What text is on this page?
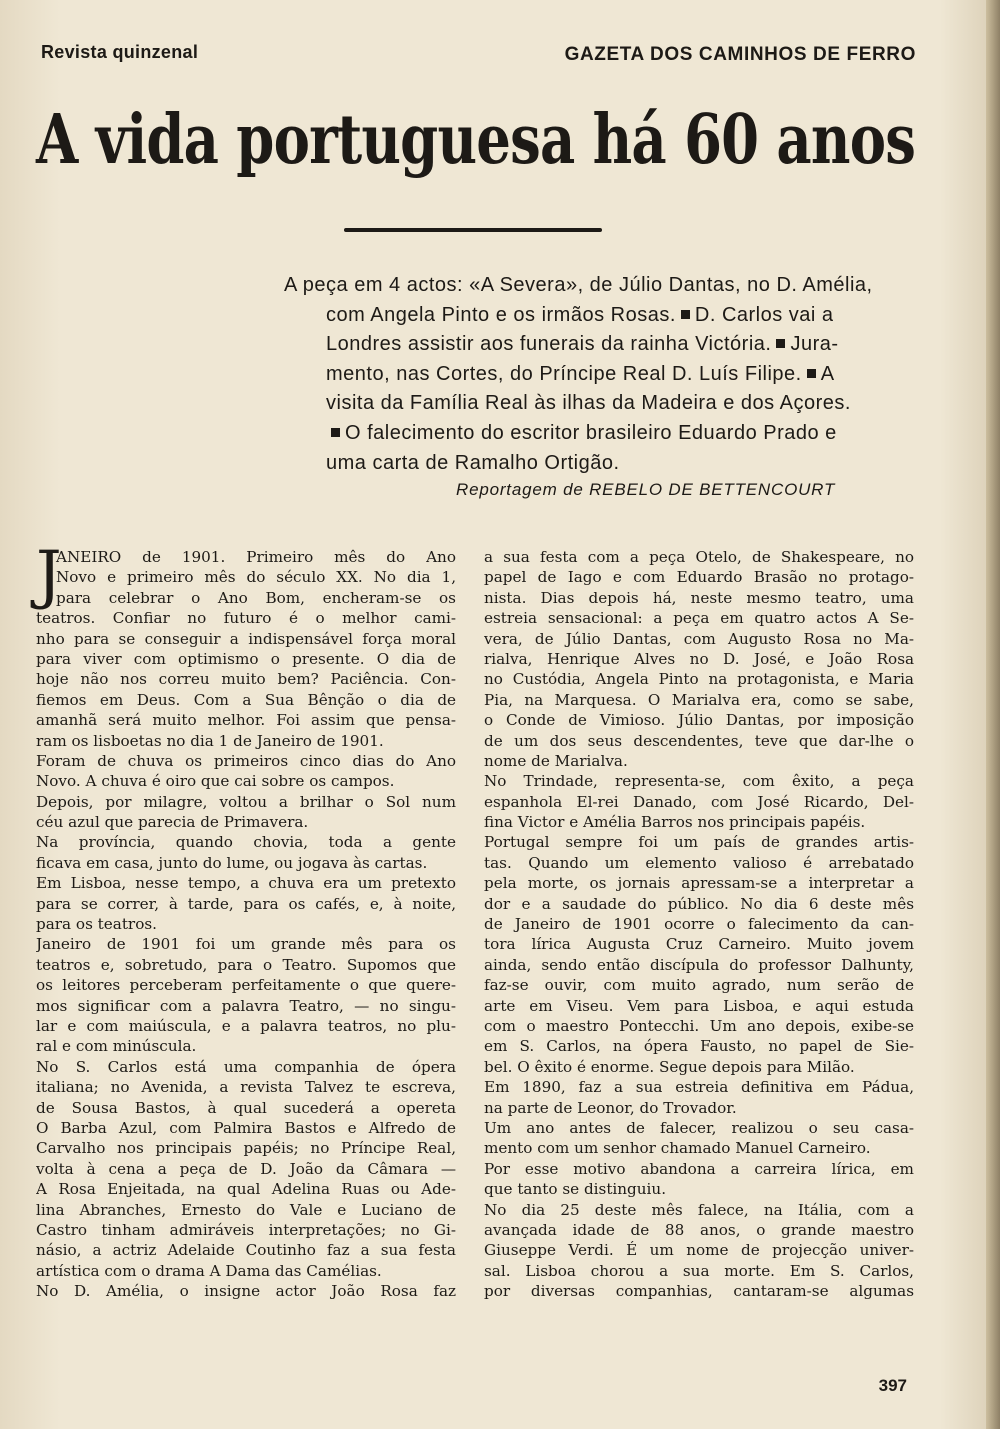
Revista quinzenal	GAZETA DOS CAMINHOS DE FERRO
A vida portuguesa há 60 anos
A peça em 4 actos: «A Severa», de Júlio Dantas, no D. Amélia,
com Angela Pinto e os irmãos Rosas. D. Carlos vai a
Londres assistir aos funerais da rainha Victória. Jura-
mento, nas Cortes, do Príncipe Real D. Luís Filipe. A
visita da Família Real às ilhas da Madeira e dos Açores.
O falecimento do escritor brasileiro Eduardo Prado e
uma carta de Ramalho Ortigão.
Reportagem de REBELO DE BETTENCOURT
J
ANEIRO de 1901. Primeiro mês do Ano
Novo e primeiro mês do século XX. No dia 1,
para celebrar o Ano Bom, encheram-se os
teatros. Confiar no futuro é o melhor cami-
nho para se conseguir a indispensável força moral
para viver com optimismo o presente. O dia de
hoje não nos correu muito bem? Paciência. Con-
fiemos em Deus. Com a Sua Bênção o dia de
amanhã será muito melhor. Foi assim que pensa-
ram os lisboetas no dia 1 de Janeiro de 1901.
Foram de chuva os primeiros cinco dias do Ano
Novo. A chuva é oiro que cai sobre os campos.
Depois, por milagre, voltou a brilhar o Sol num
céu azul que parecia de Primavera.
Na província, quando chovia, toda a gente
ficava em casa, junto do lume, ou jogava às cartas.
Em Lisboa, nesse tempo, a chuva era um pretexto
para se correr, à tarde, para os cafés, e, à noite,
para os teatros.
Janeiro de 1901 foi um grande mês para os
teatros e, sobretudo, para o Teatro. Supomos que
os leitores perceberam perfeitamente o que quere-
mos significar com a palavra Teatro, — no singu-
lar e com maiúscula, e a palavra teatros, no plu-
ral e com minúscula.
No S. Carlos está uma companhia de ópera
italiana; no Avenida, a revista Talvez te escreva,
de Sousa Bastos, à qual sucederá a opereta
O Barba Azul, com Palmira Bastos e Alfredo de
Carvalho nos principais papéis; no Príncipe Real,
volta à cena a peça de D. João da Câmara —
A Rosa Enjeitada, na qual Adelina Ruas ou Ade-
lina Abranches, Ernesto do Vale e Luciano de
Castro tinham admiráveis interpretações; no Gi-
násio, a actriz Adelaide Coutinho faz a sua festa
artística com o drama A Dama das Camélias.
No D. Amélia, o insigne actor João Rosa faz
a sua festa com a peça Otelo, de Shakespeare, no
papel de Iago e com Eduardo Brasão no protago-
nista. Dias depois há, neste mesmo teatro, uma
estreia sensacional: a peça em quatro actos A Se-
vera, de Júlio Dantas, com Augusto Rosa no Ma-
rialva, Henrique Alves no D. José, e João Rosa
no Custódia, Angela Pinto na protagonista, e Maria
Pia, na Marquesa. O Marialva era, como se sabe,
o Conde de Vimioso. Júlio Dantas, por imposição
de um dos seus descendentes, teve que dar-lhe o
nome de Marialva.
No Trindade, representa-se, com êxito, a peça
espanhola El-rei Danado, com José Ricardo, Del-
fina Victor e Amélia Barros nos principais papéis.
Portugal sempre foi um país de grandes artis-
tas. Quando um elemento valioso é arrebatado
pela morte, os jornais apressam-se a interpretar a
dor e a saudade do público. No dia 6 deste mês
de Janeiro de 1901 ocorre o falecimento da can-
tora lírica Augusta Cruz Carneiro. Muito jovem
ainda, sendo então discípula do professor Dalhunty,
faz-se ouvir, com muito agrado, num serão de
arte em Viseu. Vem para Lisboa, e aqui estuda
com o maestro Pontecchi. Um ano depois, exibe-se
em S. Carlos, na ópera Fausto, no papel de Sie-
bel. O êxito é enorme. Segue depois para Milão.
Em 1890, faz a sua estreia definitiva em Pádua,
na parte de Leonor, do Trovador.
Um ano antes de falecer, realizou o seu casa-
mento com um senhor chamado Manuel Carneiro.
Por esse motivo abandona a carreira lírica, em
que tanto se distinguiu.
No dia 25 deste mês falece, na Itália, com a
avançada idade de 88 anos, o grande maestro
Giuseppe Verdi. É um nome de projecção univer-
sal. Lisboa chorou a sua morte. Em S. Carlos,
por diversas companhias, cantaram-se algumas
397
